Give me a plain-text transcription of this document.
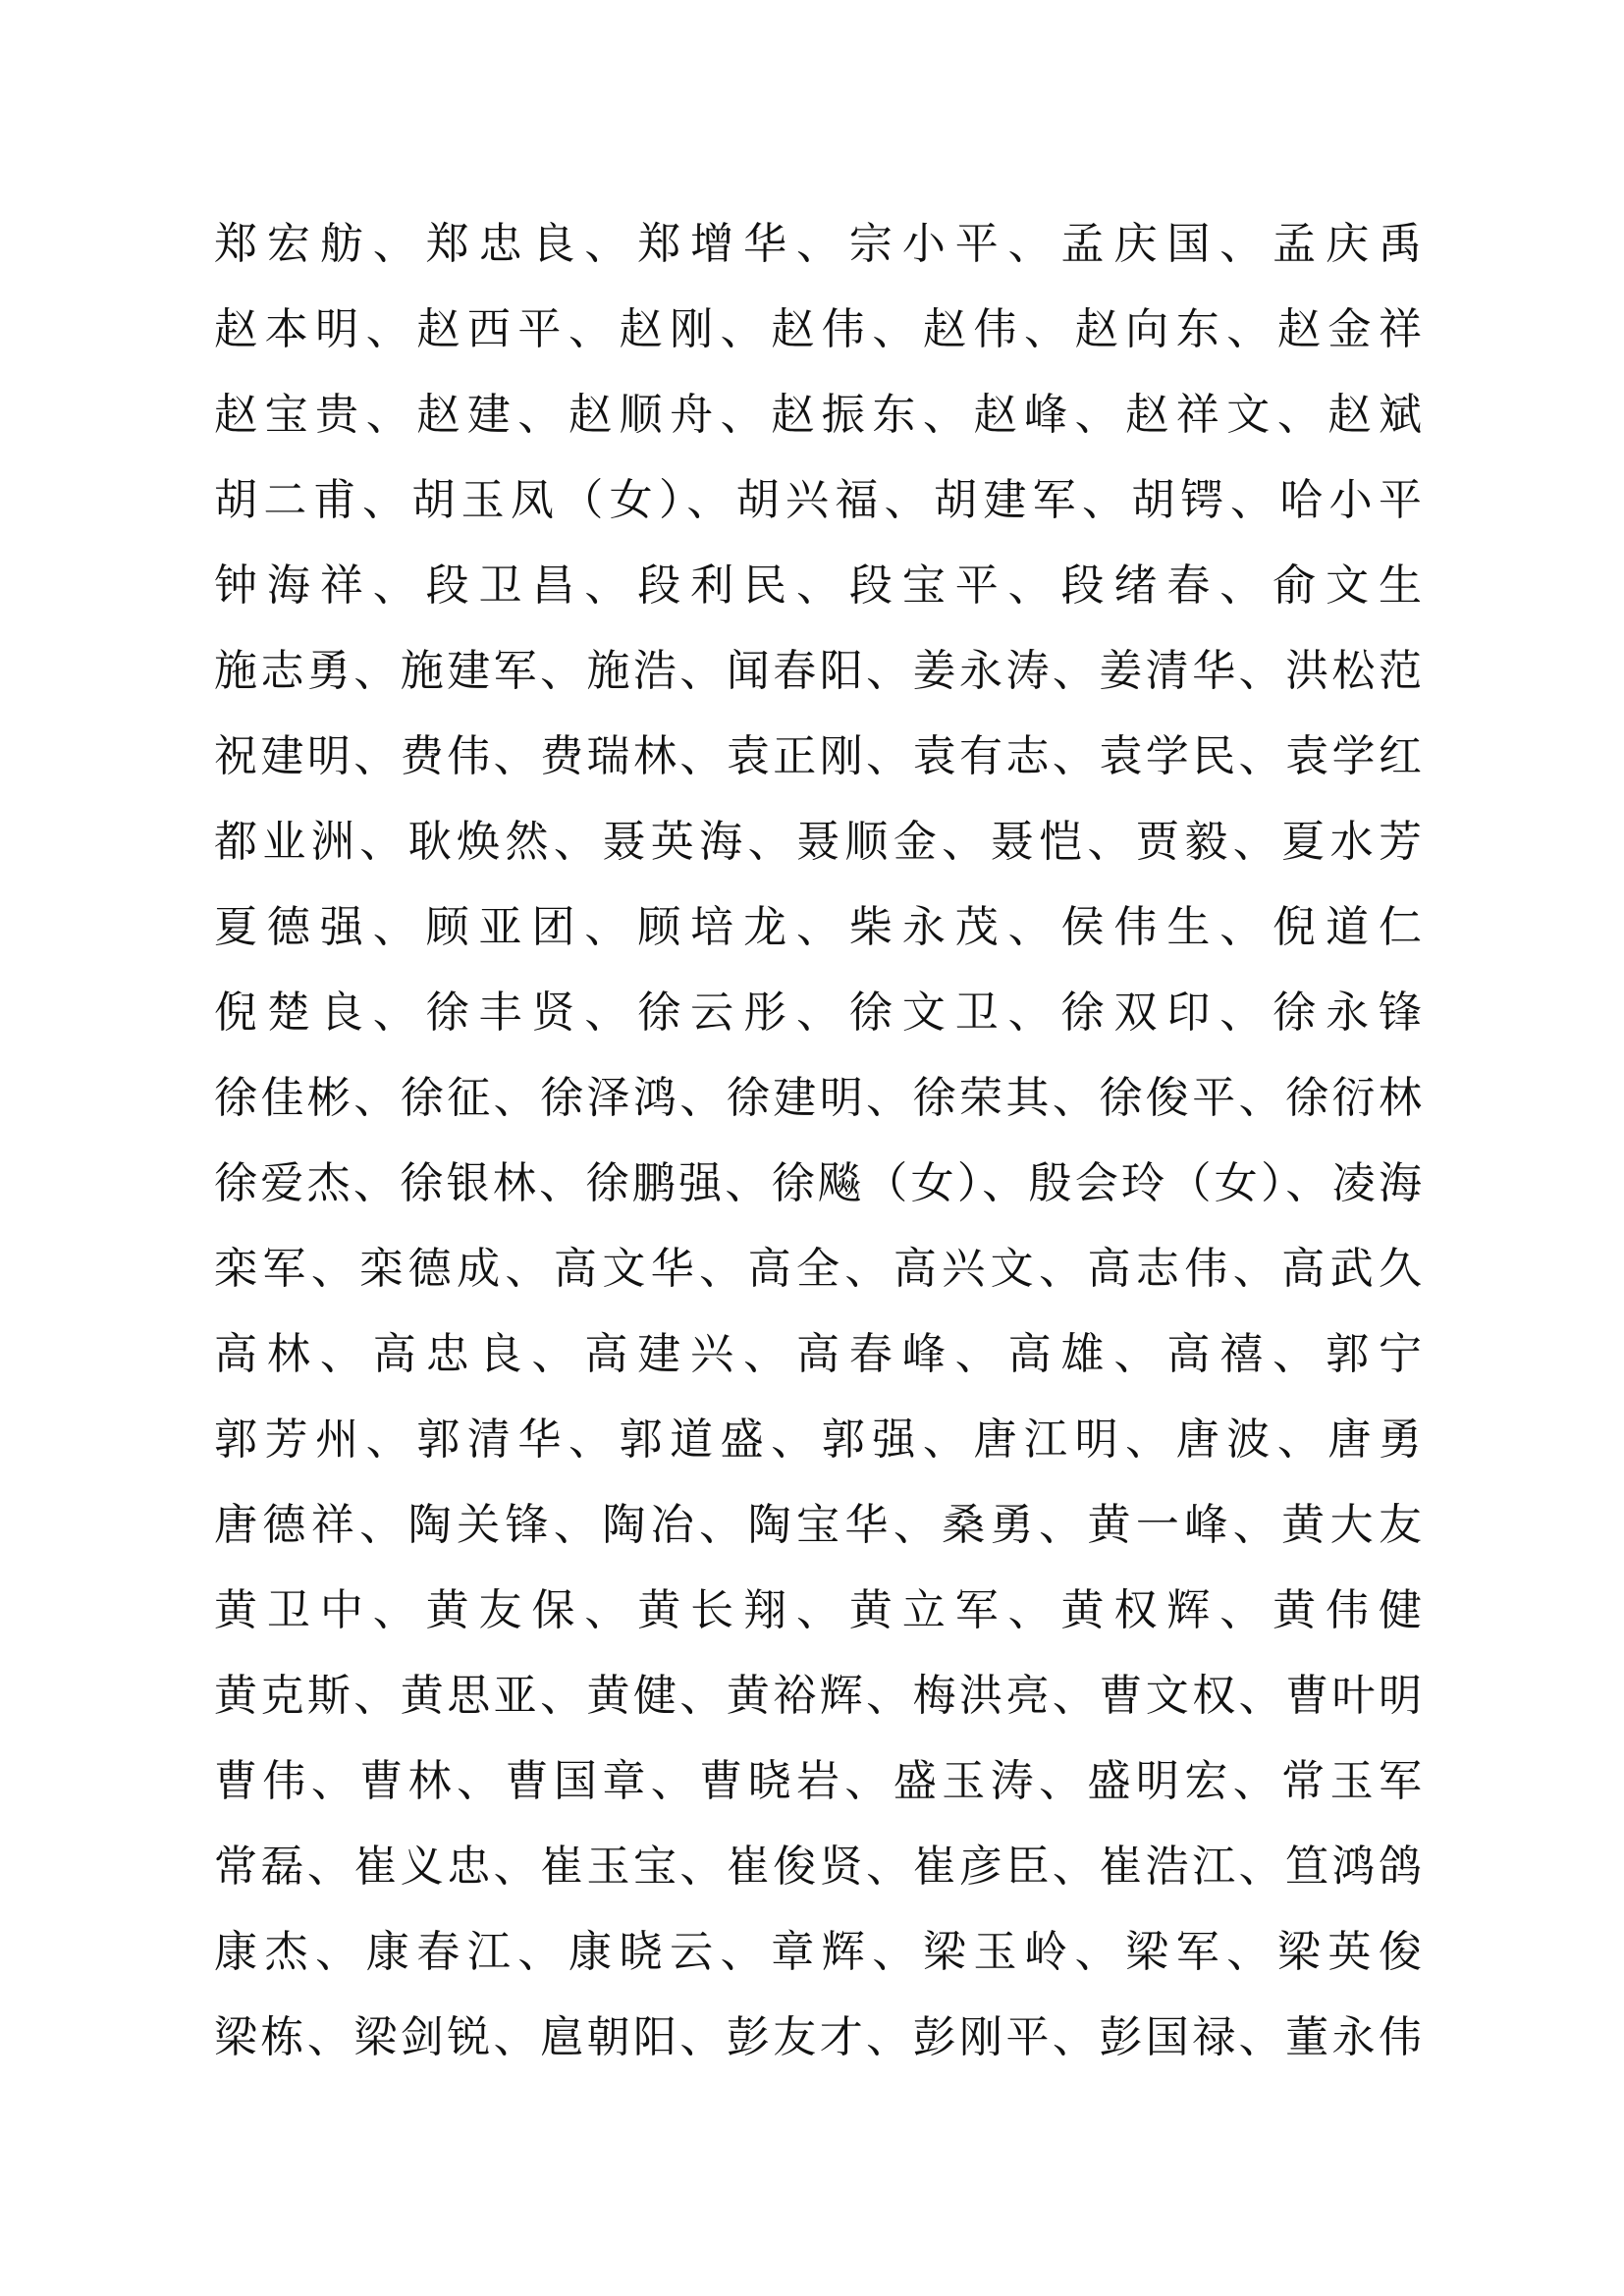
郑宏舫、郑忠良、郑增华、宗小平、孟庆国、孟庆禹
赵本明、赵西平、赵刚、赵伟、赵伟、赵向东、赵金祥
赵宝贵、赵建、赵顺舟、赵振东、赵峰、赵祥文、赵斌
胡二甫、胡玉凤（女）、胡兴福、胡建军、胡锷、哈小平
钟海祥、段卫昌、段利民、段宝平、段绪春、俞文生
施志勇、施建军、施浩、闻春阳、姜永涛、姜清华、洪松范
祝建明、费伟、费瑞林、袁正刚、袁有志、袁学民、袁学红
都业洲、耿焕然、聂英海、聂顺金、聂恺、贾毅、夏水芳
夏德强、顾亚团、顾培龙、柴永茂、侯伟生、倪道仁
倪楚良、徐丰贤、徐云彤、徐文卫、徐双印、徐永锋
徐佳彬、徐征、徐泽鸿、徐建明、徐荣其、徐俊平、徐衍林
徐爱杰、徐银林、徐鹏强、徐飚（女）、殷会玲（女）、凌海
栾军、栾德成、高文华、高全、高兴文、高志伟、高武久
高林、高忠良、高建兴、高春峰、高雄、高禧、郭宁
郭芳州、郭清华、郭道盛、郭强、唐江明、唐波、唐勇
唐德祥、陶关锋、陶冶、陶宝华、桑勇、黄一峰、黄大友
黄卫中、黄友保、黄长翔、黄立军、黄权辉、黄伟健
黄克斯、黄思亚、黄健、黄裕辉、梅洪亮、曹文权、曹叶明
曹伟、曹林、曹国章、曹晓岩、盛玉涛、盛明宏、常玉军
常磊、崔义忠、崔玉宝、崔俊贤、崔彦臣、崔浩江、笪鸿鸽
康杰、康春江、康晓云、章辉、梁玉岭、梁军、梁英俊
梁栋、梁剑锐、扈朝阳、彭友才、彭刚平、彭国禄、董永伟
